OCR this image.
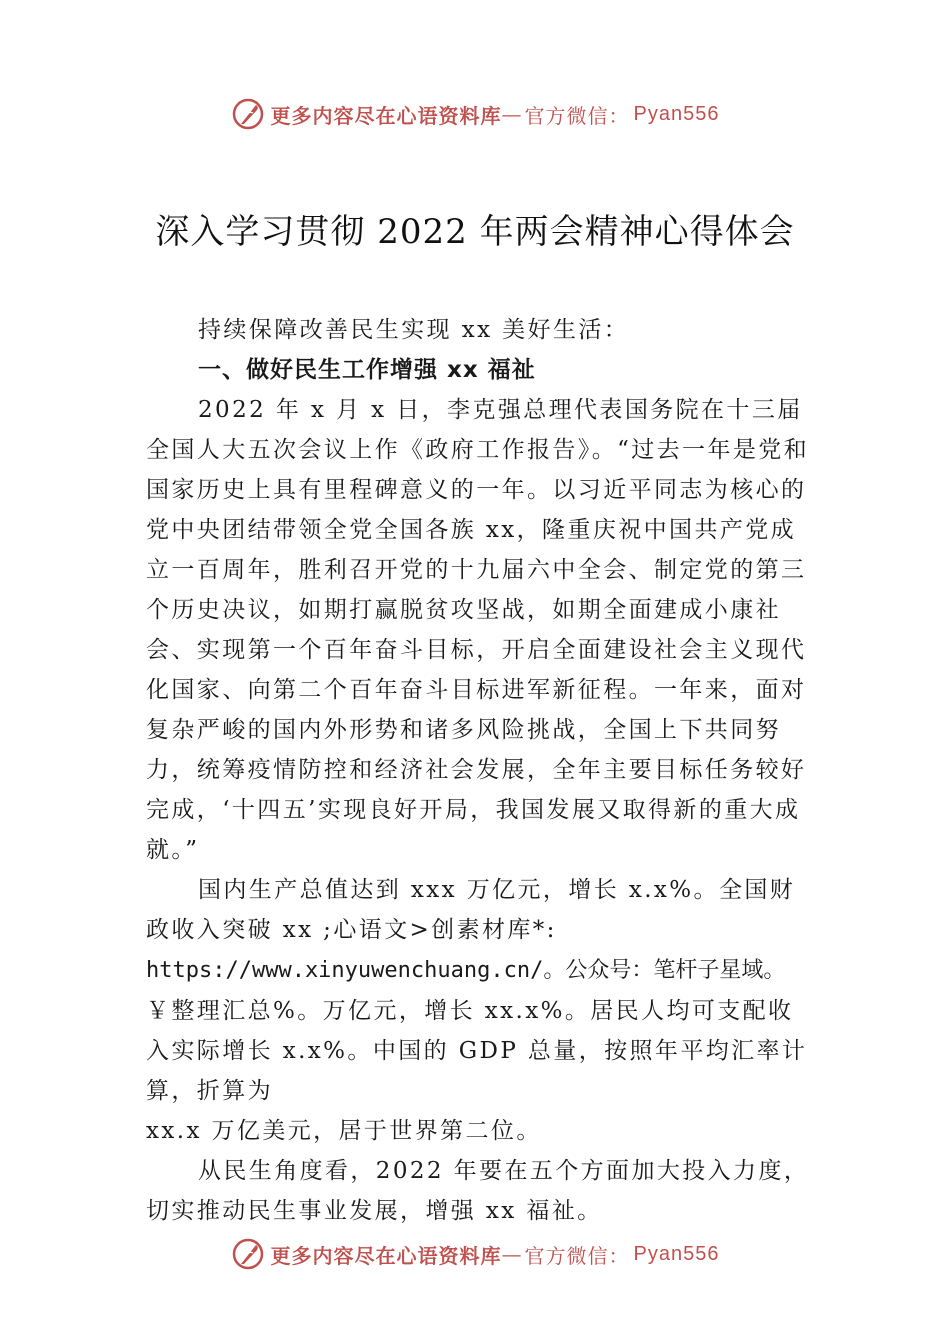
更多内容尽在心语资料库 — 官方微信： Pyan556
深入学习贯彻 2022 年两会精神心得体会

持续保障改善民生实现 xx 美好生活：

一、做好民生工作增强 xx 福祉

2022 年 x 月 x 日，李克强总理代表国务院在十三届全国人大五次会议上作《政府工作报告》。“过去一年是党和国家历史上具有里程碑意义的一年。以习近平同志为核心的党中央团结带领全党全国各族 xx，隆重庆祝中国共产党成立一百周年，胜利召开党的十九届六中全会、制定党的第三个历史决议，如期打赢脱贫攻坚战，如期全面建成小康社会、实现第一个百年奋斗目标，开启全面建设社会主义现代化国家、向第二个百年奋斗目标进军新征程。一年来，面对复杂严峻的国内外形势和诸多风险挑战，全国上下共同努力，统筹疫情防控和经济社会发展，全年主要目标任务较好完成，‘十四五’实现良好开局，我国发展又取得新的重大成就。”

国内生产总值达到 xxx 万亿元，增长 x.x%。全国财政收入突破 xx ;心语文>创素材库*:

https://www.xinyuwenchuang.cn/。公众号：笔杆子星域。

￥整理汇总%。万亿元，增长 xx.x%。居民人均可支配收入实际增长 x.x%。中国的 GDP 总量，按照年平均汇率计算，折算为

xx.x 万亿美元，居于世界第二位。

从民生角度看，2022 年要在五个方面加大投入力度，切实推动民生事业发展，增强 xx 福祉。

更多内容尽在心语资料库 — 官方微信： Pyan556
